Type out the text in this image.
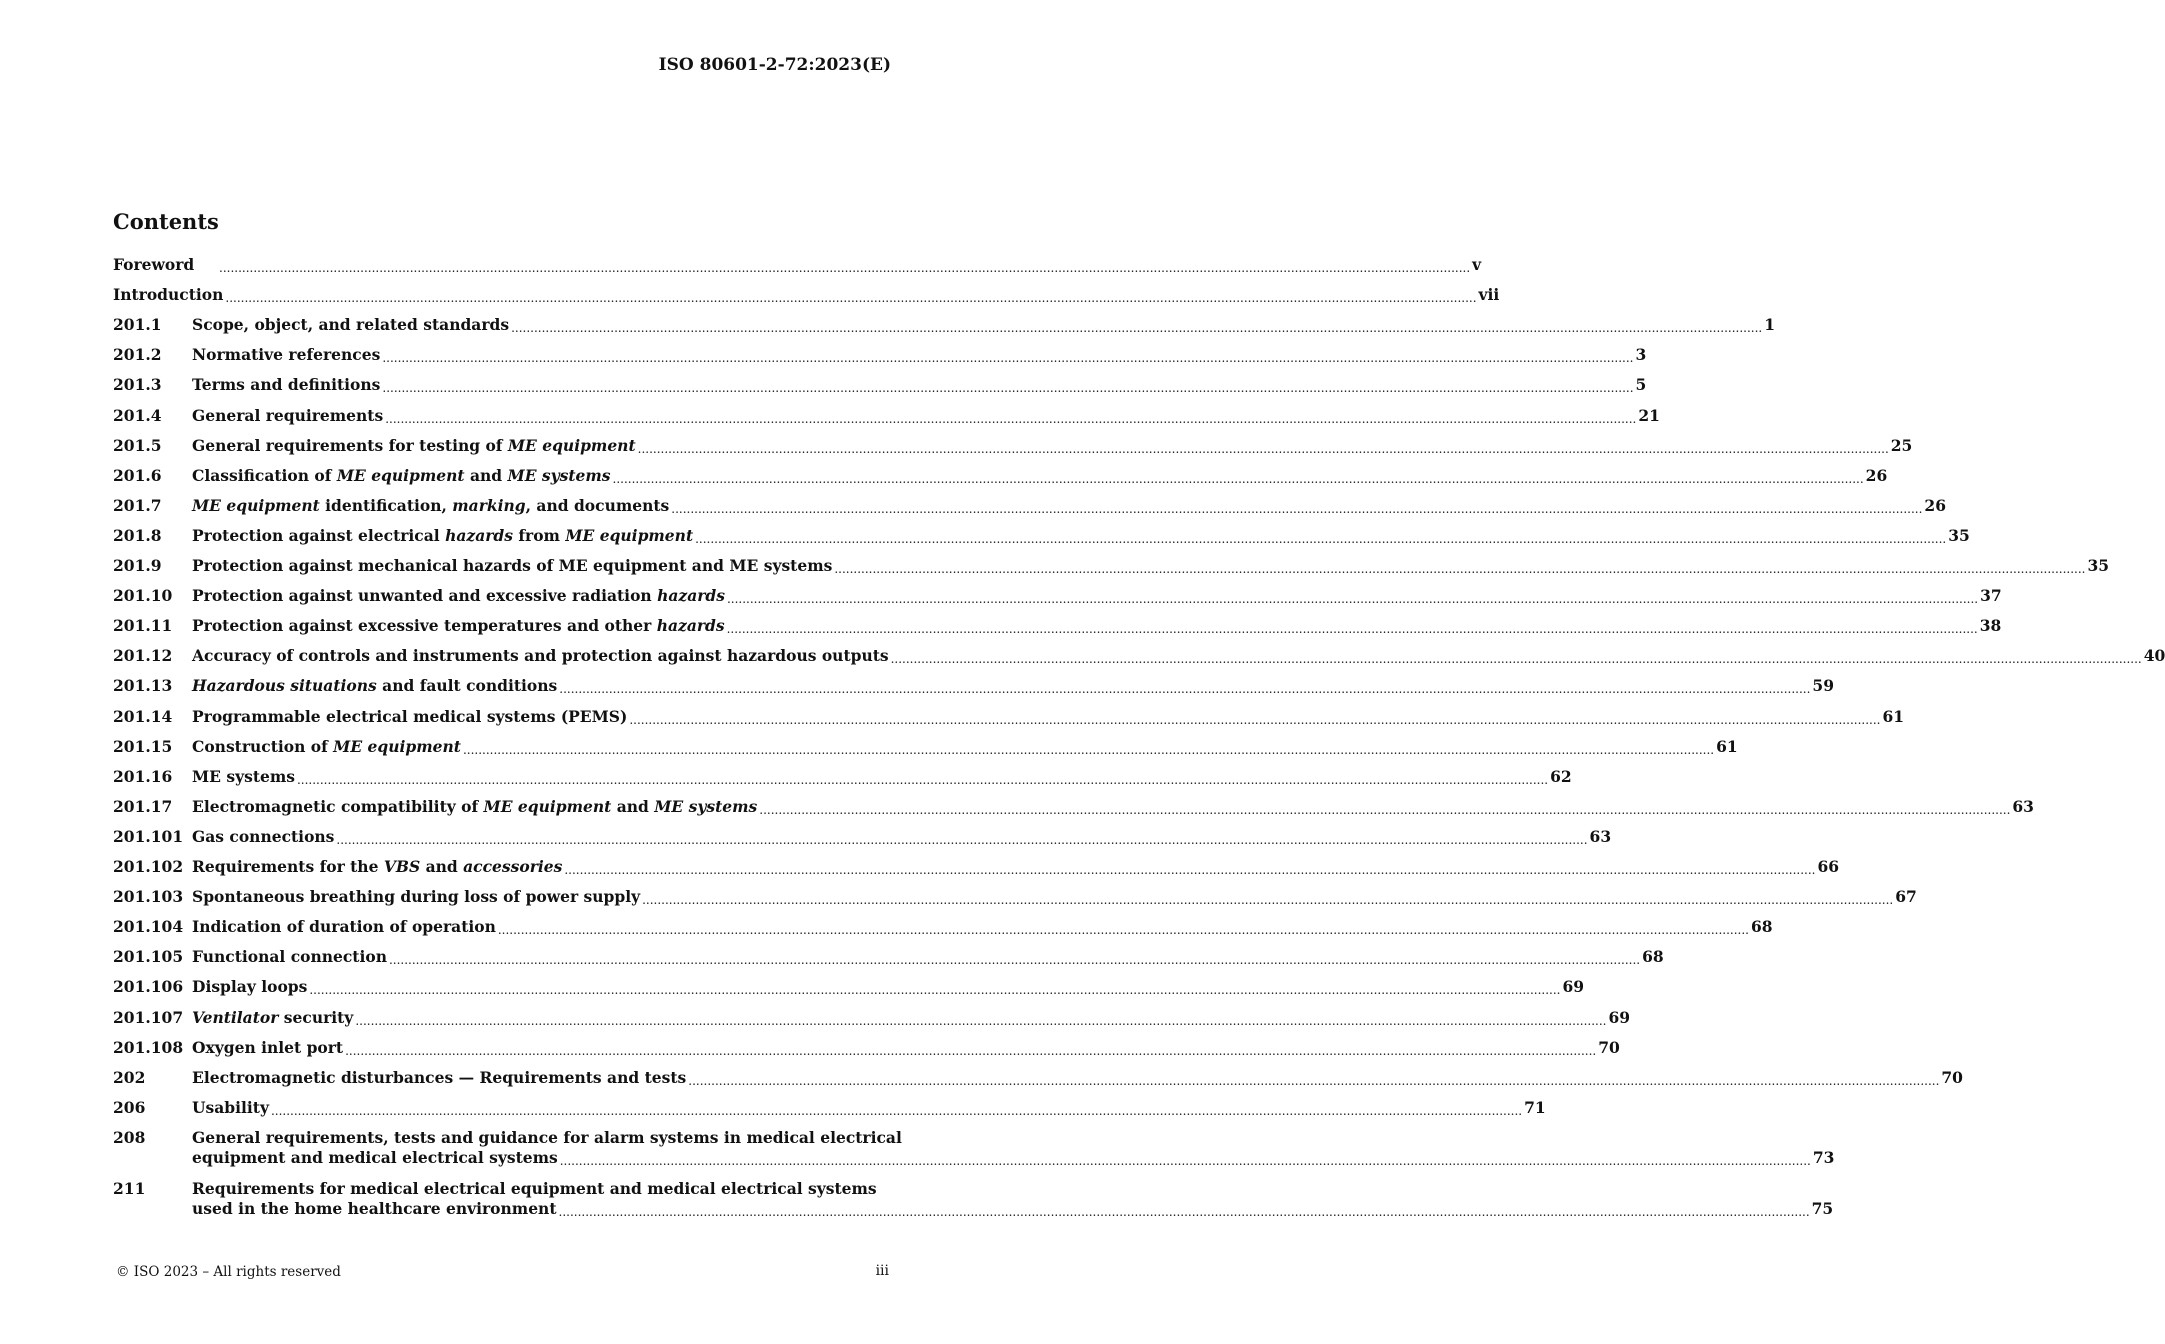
ISO 80601-2-72:2023(E)
Contents
Foreword .....	v
Introduction .....	vii
201.1	Scope, object, and related standards .....	1
201.2	Normative references .....	3
201.3	Terms and definitions .....	5
201.4	General requirements .....	21
201.5	General requirements for testing of ME equipment .....	25
201.6	Classification of ME equipment and ME systems .....	26
201.7	ME equipment identification, marking, and documents .....	26
201.8	Protection against electrical hazards from ME equipment .....	35
201.9	Protection against mechanical hazards of ME equipment and ME systems .....	35
201.10	Protection against unwanted and excessive radiation hazards .....	37
201.11	Protection against excessive temperatures and other hazards .....	38
201.12	Accuracy of controls and instruments and protection against hazardous outputs .....	40
201.13	Hazardous situations and fault conditions .....	59
201.14	Programmable electrical medical systems (PEMS) .....	61
201.15	Construction of ME equipment .....	61
201.16	ME systems .....	62
201.17	Electromagnetic compatibility of ME equipment and ME systems .....	63
201.101 Gas connections .....	63
201.102 Requirements for the VBS and accessories .....	66
201.103 Spontaneous breathing during loss of power supply .....	67
201.104 Indication of duration of operation .....	68
201.105 Functional connection .....	68
201.106 Display loops .....	69
201.107 Ventilator security .....	69
201.108 Oxygen inlet port .....	70
202	Electromagnetic disturbances — Requirements and tests .....	70
206	Usability .....	71
208	General requirements, tests and guidance for alarm systems in medical electrical
equipment and medical electrical systems .....	73
211	Requirements for medical electrical equipment and medical electrical systems
used in the home healthcare environment .....	75
© ISO 2023 – All rights reserved	iii
